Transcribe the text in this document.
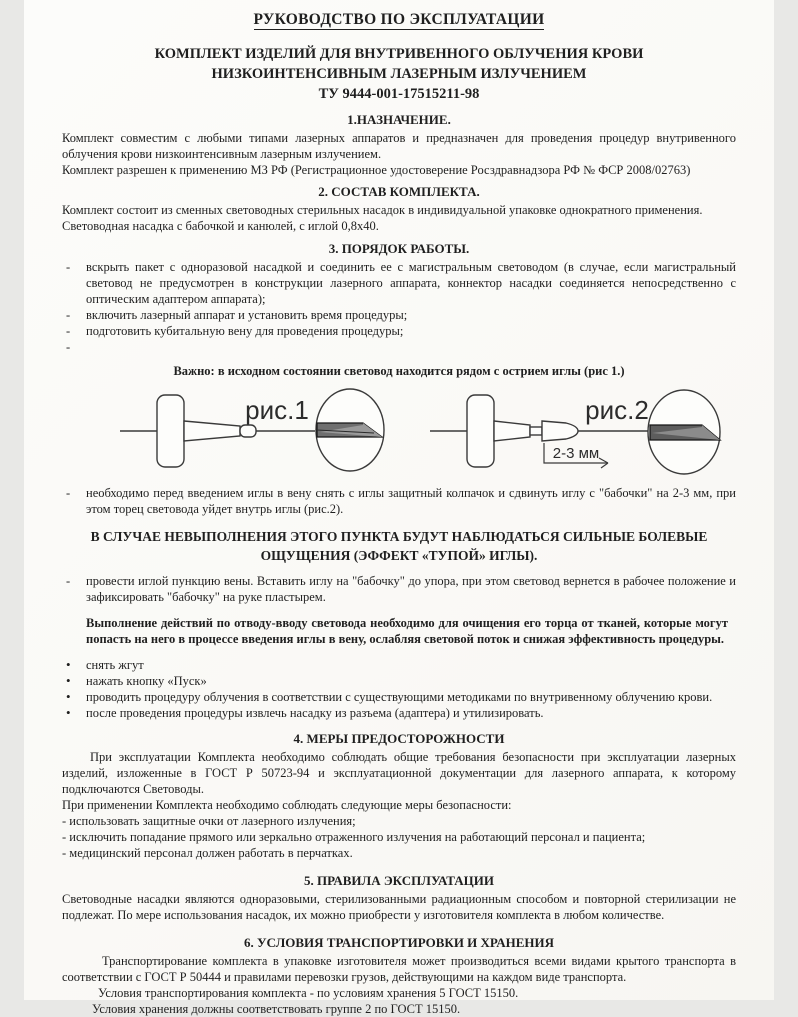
РУКОВОДСТВО ПО ЭКСПЛУАТАЦИИ
КОМПЛЕКТ ИЗДЕЛИЙ ДЛЯ ВНУТРИВЕННОГО ОБЛУЧЕНИЯ КРОВИ
НИЗКОИНТЕНСИВНЫМ ЛАЗЕРНЫМ ИЗЛУЧЕНИЕМ
ТУ 9444-001-17515211-98
1.НАЗНАЧЕНИЕ.

Комплект совместим с любыми типами лазерных аппаратов и предназначен для проведения процедур внутривенного облучения крови низкоинтенсивным лазерным излучением.

Комплект разрешен к применению МЗ РФ (Регистрационное удостоверение Росздравнадзора РФ № ФСР 2008/02763)

2. СОСТАВ КОМПЛЕКТА.

Комплект состоит из сменных световодных стерильных насадок в индивидуальной упаковке однократного применения.

Световодная насадка с бабочкой и канюлей, с иглой 0,8х40.

3. ПОРЯДОК РАБОТЫ.
- вскрыть пакет с одноразовой насадкой и соединить ее с магистральным световодом (в случае, если магистральный световод не предусмотрен в конструкции лазерного аппарата, коннектор насадки соединяется непосредственно с оптическим адаптером аппарата);
- включить лазерный аппарат и установить время процедуры;
- подготовить кубитальную вену для проведения процедуры;
-
Важно: в исходном состоянии световод находится рядом с острием иглы (рис 1.)
рис.1	рис.2
2-3 мм
- необходимо перед введением иглы в вену снять с иглы защитный колпачок и сдвинуть иглу с "бабочки" на 2-3 мм, при этом торец световода уйдет внутрь иглы (рис.2).
В СЛУЧАЕ НЕВЫПОЛНЕНИЯ ЭТОГО ПУНКТА БУДУТ НАБЛЮДАТЬСЯ СИЛЬНЫЕ БОЛЕВЫЕ ОЩУЩЕНИЯ (ЭФФЕКТ «ТУПОЙ» ИГЛЫ).
- провести иглой пункцию вены. Вставить иглу на "бабочку" до упора, при этом световод вернется в рабочее положение и зафиксировать "бабочку" на руке пластырем.
Выполнение действий по отводу-вводу световода необходимо для очищения его торца от тканей, которые могут попасть на него в процессе введения иглы в вену, ослабляя световой поток и снижая эффективность процедуры.
• снять жгут
• нажать кнопку «Пуск»
• проводить процедуру облучения в соответствии с существующими методиками по внутривенному облучению крови.
• после проведения процедуры извлечь насадку из разъема (адаптера) и утилизировать.
4. МЕРЫ ПРЕДОСТОРОЖНОСТИ

При эксплуатации Комплекта необходимо соблюдать общие требования безопасности при эксплуатации лазерных изделий, изложенные в ГОСТ Р 50723-94 и эксплуатационной документации для лазерного аппарата, к которому подключаются Световоды.

При применении Комплекта необходимо соблюдать следующие меры безопасности:

- использовать защитные очки от лазерного излучения;

- исключить попадание прямого или зеркально отраженного излучения на работающий персонал и пациента;

- медицинский персонал должен работать в перчатках.

5. ПРАВИЛА ЭКСПЛУАТАЦИИ

Световодные насадки являются одноразовыми, стерилизованными радиационным способом и повторной стерилизации не подлежат. По мере использования насадок, их можно приобрести у изготовителя комплекта в любом количестве.

6. УСЛОВИЯ ТРАНСПОРТИРОВКИ И ХРАНЕНИЯ

Транспортирование комплекта в упаковке изготовителя может производиться всеми видами крытого транспорта в соответствии с ГОСТ Р 50444 и правилами перевозки грузов, действующими на каждом виде транспорта.

Условия транспортирования комплекта - по условиям хранения 5 ГОСТ 15150.

Условия хранения должны соответствовать группе 2 по ГОСТ 15150.
